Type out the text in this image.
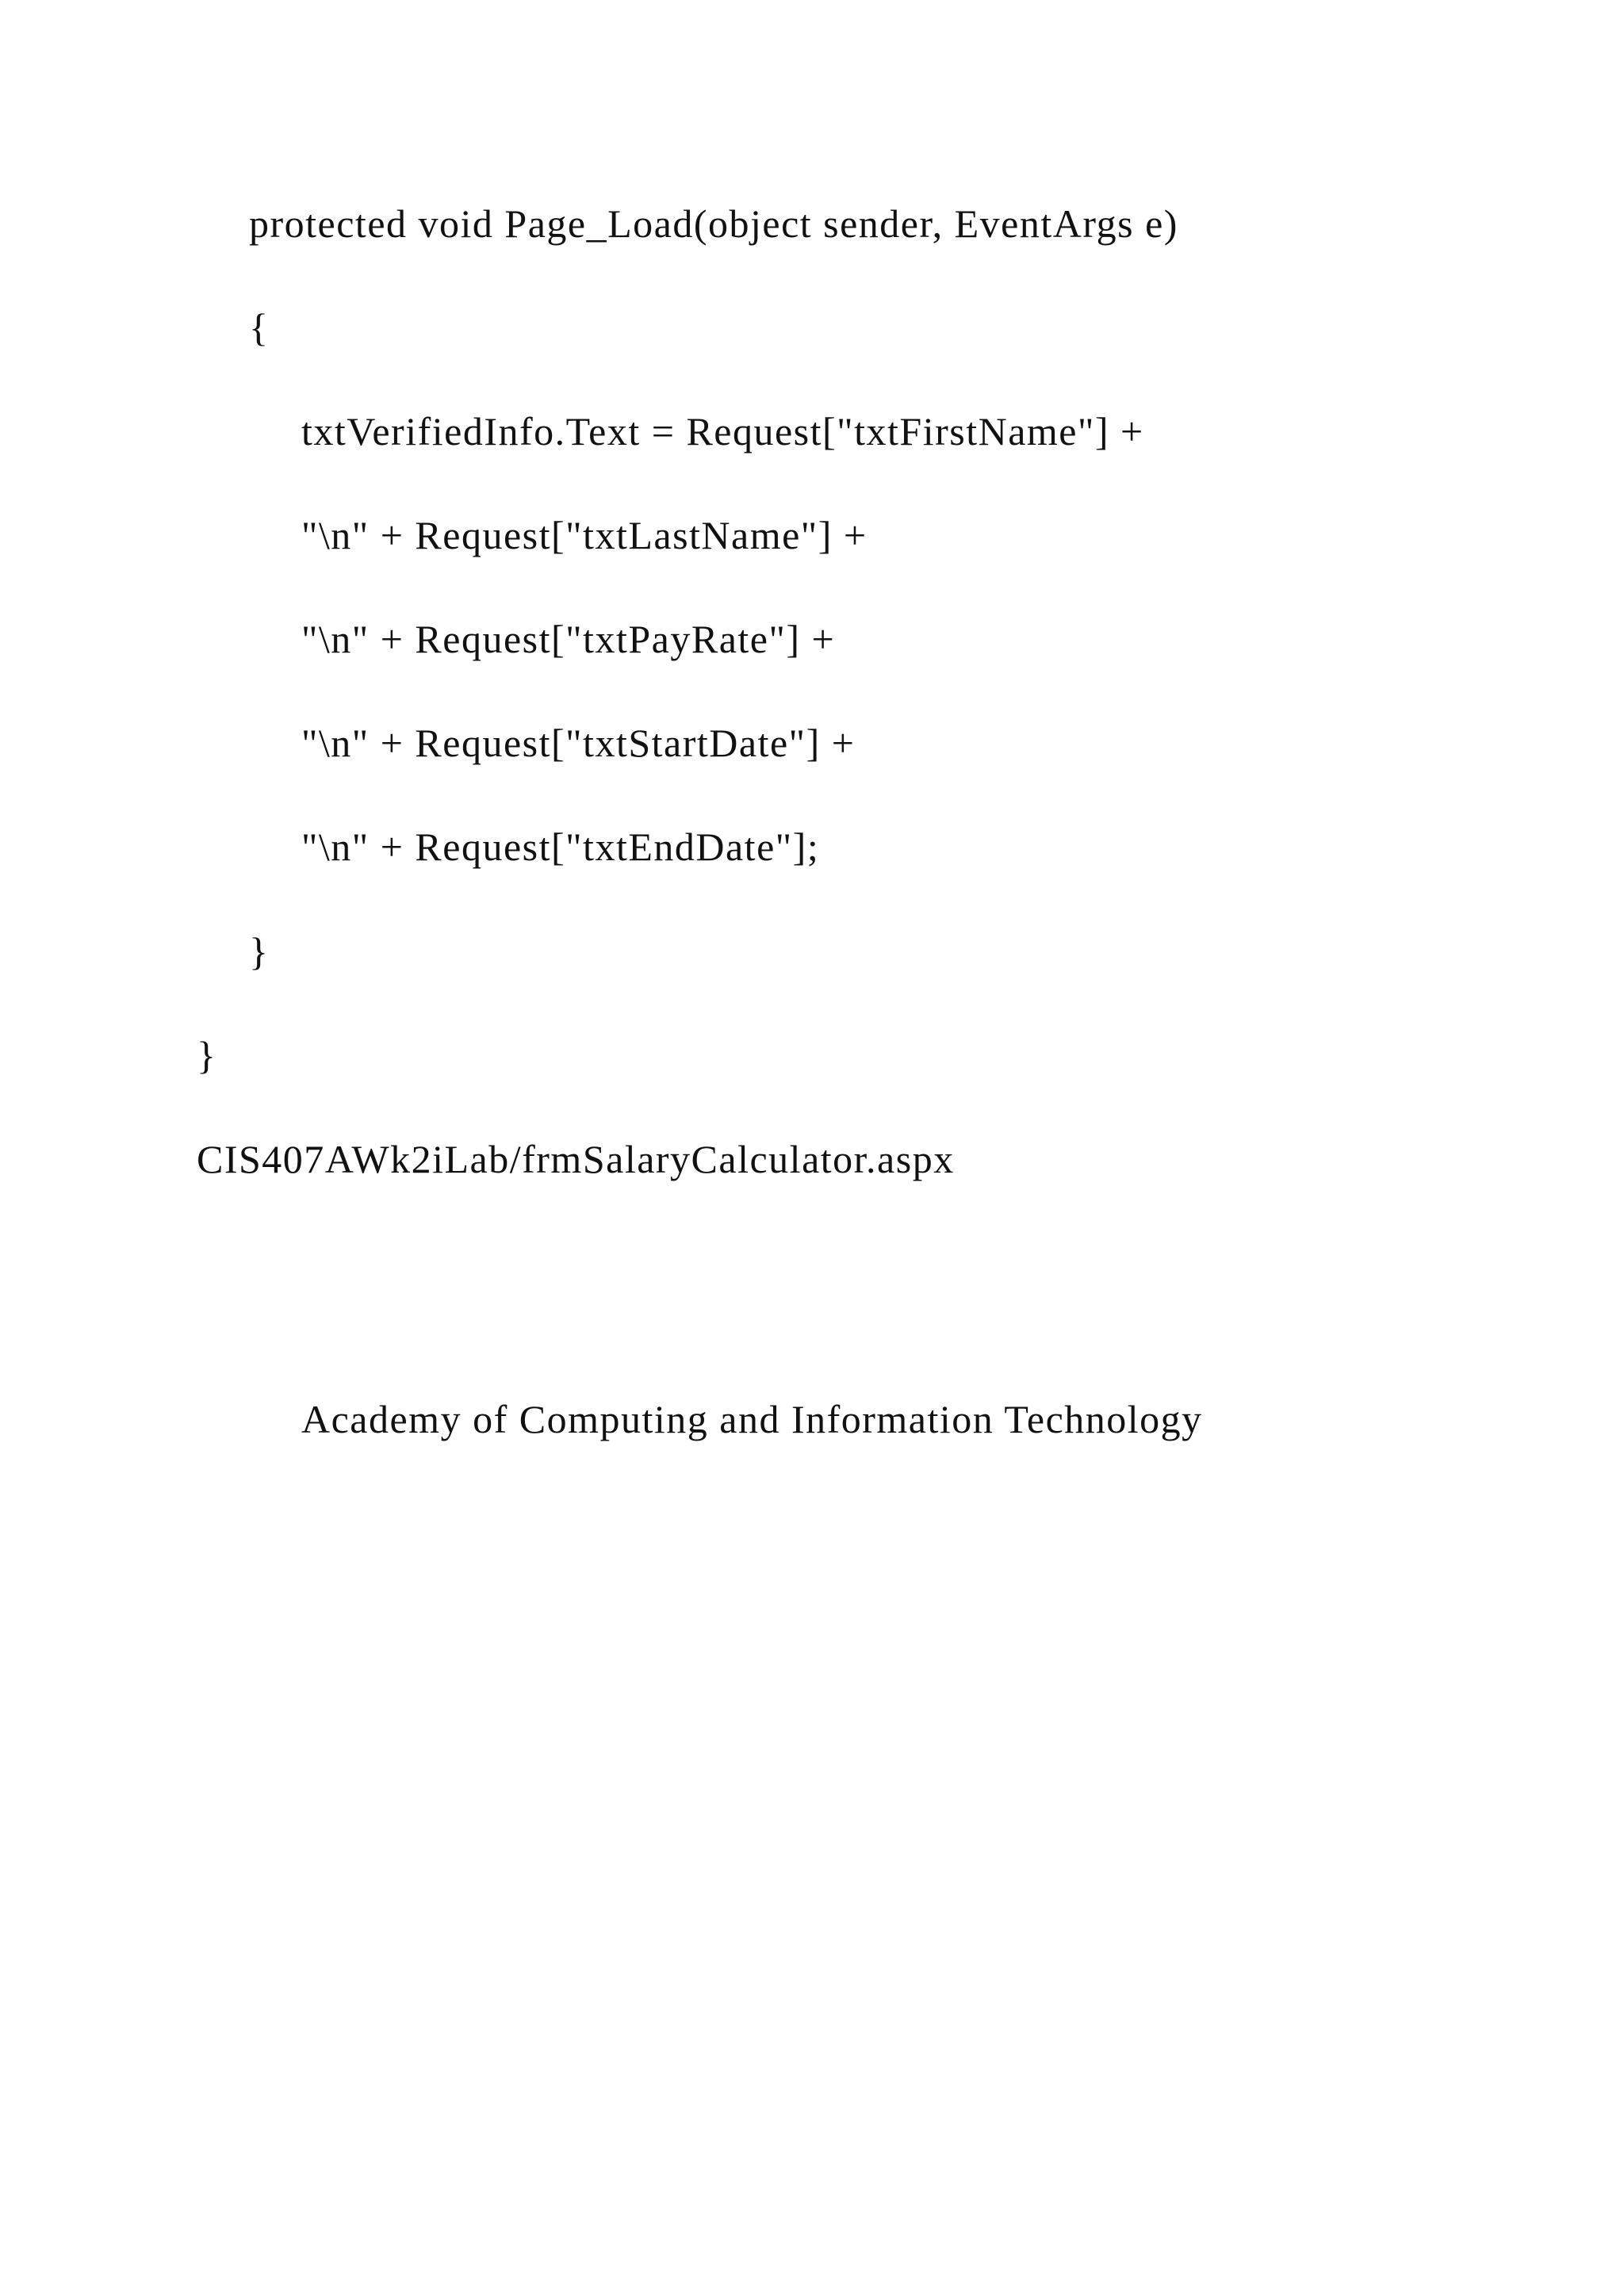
protected void Page_Load(object sender, EventArgs e)
{
txtVerifiedInfo.Text = Request["txtFirstName"] +
"\n" + Request["txtLastName"] +
"\n" + Request["txtPayRate"] +
"\n" + Request["txtStartDate"] +
"\n" + Request["txtEndDate"];
}
}
CIS407AWk2iLab/frmSalaryCalculator.aspx
Academy of Computing and Information Technology
